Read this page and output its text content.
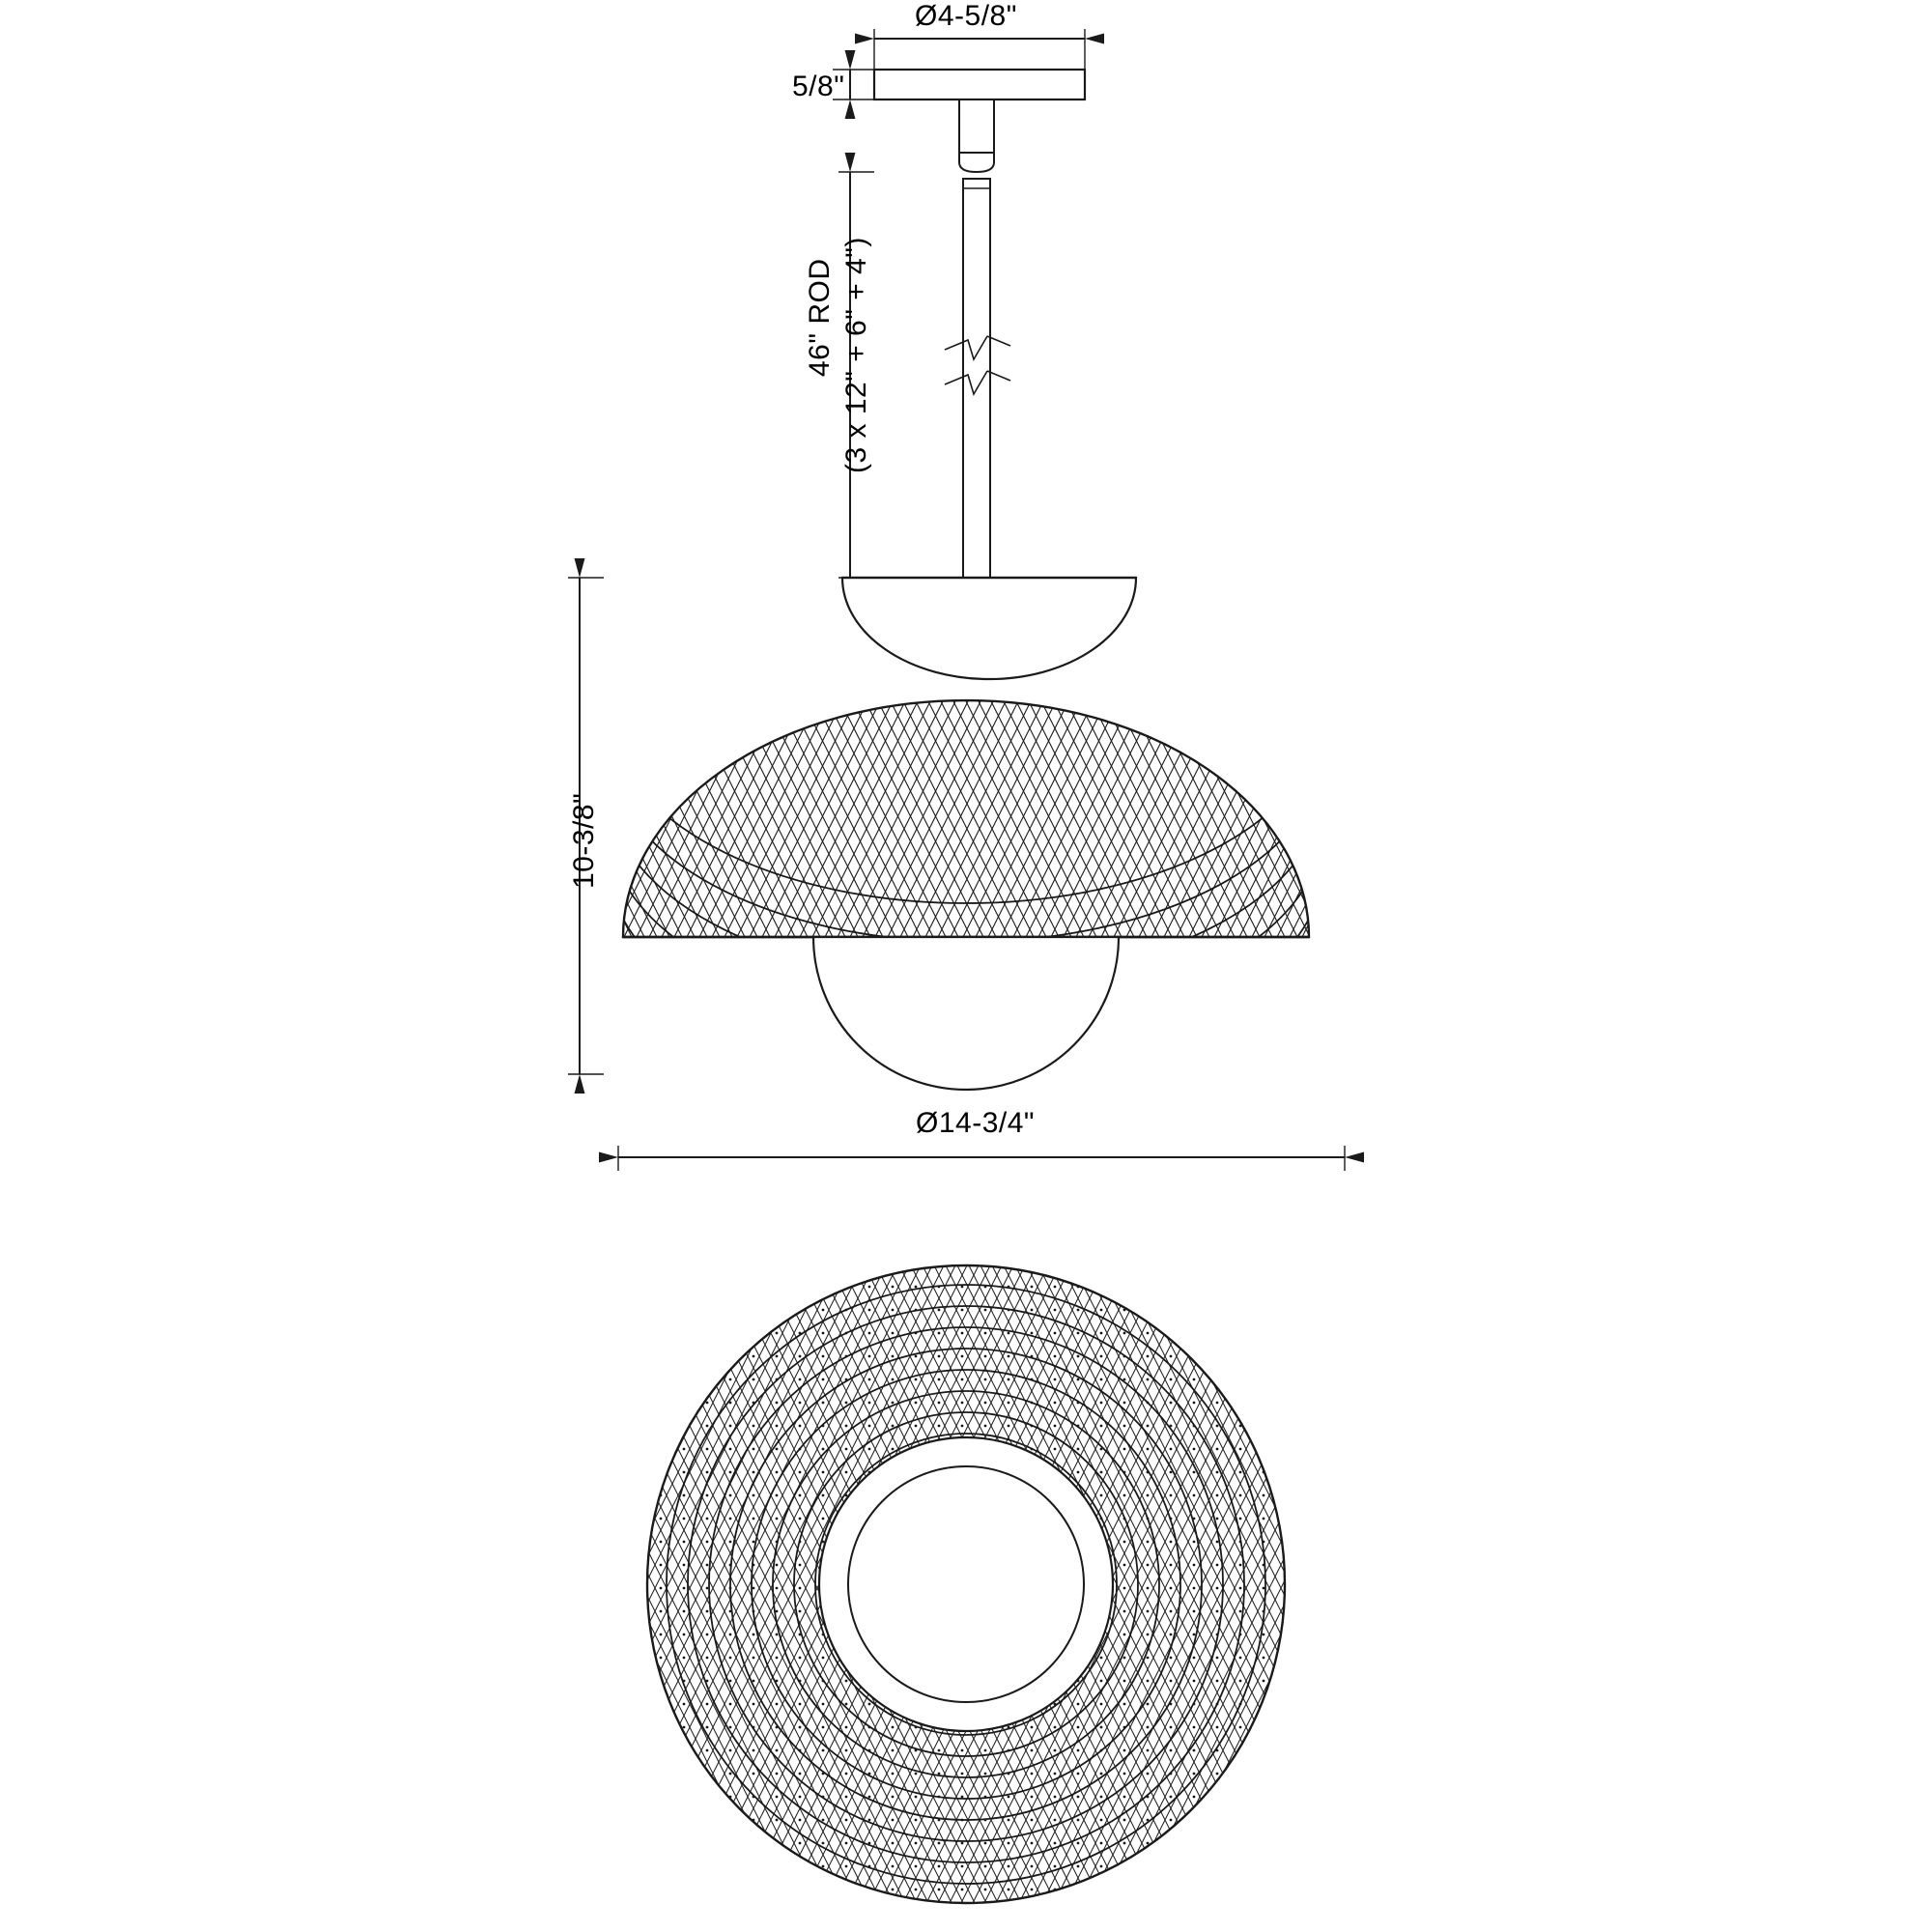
Ø4-5/8"
5/8"
46" ROD (3 x 12" + 6" + 4")
10-3/8"
Ø14-3/4"
